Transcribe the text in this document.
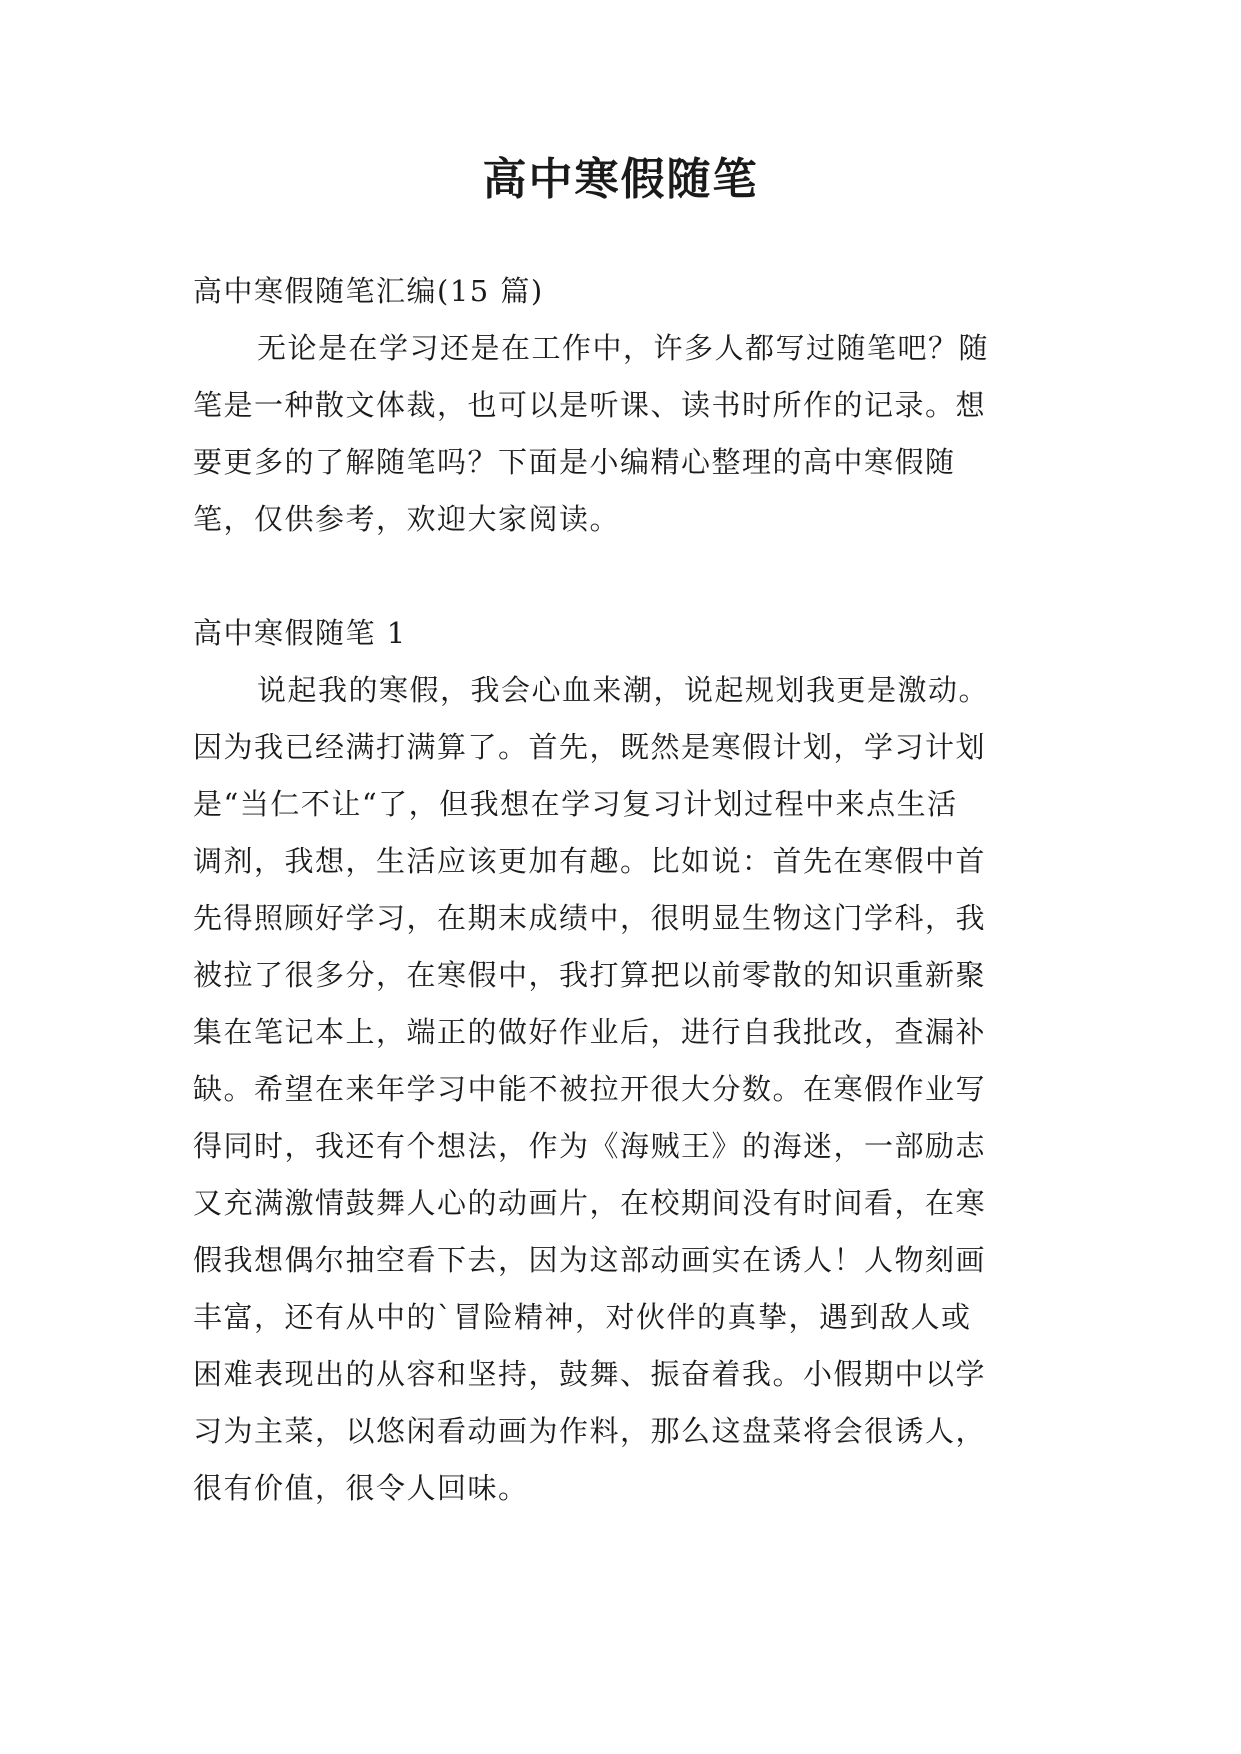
高中寒假随笔
高中寒假随笔汇编(15 篇)
无论是在学习还是在工作中，许多人都写过随笔吧？随
笔是一种散文体裁，也可以是听课、读书时所作的记录。想
要更多的了解随笔吗？下面是小编精心整理的高中寒假随
笔，仅供参考，欢迎大家阅读。
高中寒假随笔 1
说起我的寒假，我会心血来潮，说起规划我更是激动。
因为我已经满打满算了。首先，既然是寒假计划，学习计划
是“当仁不让“了，但我想在学习复习计划过程中来点生活
调剂，我想，生活应该更加有趣。比如说：首先在寒假中首
先得照顾好学习，在期末成绩中，很明显生物这门学科，我
被拉了很多分，在寒假中，我打算把以前零散的知识重新聚
集在笔记本上，端正的做好作业后，进行自我批改，查漏补
缺。希望在来年学习中能不被拉开很大分数。在寒假作业写
得同时，我还有个想法，作为《海贼王》的海迷，一部励志
又充满激情鼓舞人心的动画片，在校期间没有时间看，在寒
假我想偶尔抽空看下去，因为这部动画实在诱人！人物刻画
丰富，还有从中的`冒险精神，对伙伴的真挚，遇到敌人或
困难表现出的从容和坚持，鼓舞、振奋着我。小假期中以学
习为主菜，以悠闲看动画为作料，那么这盘菜将会很诱人，
很有价值，很令人回味。
